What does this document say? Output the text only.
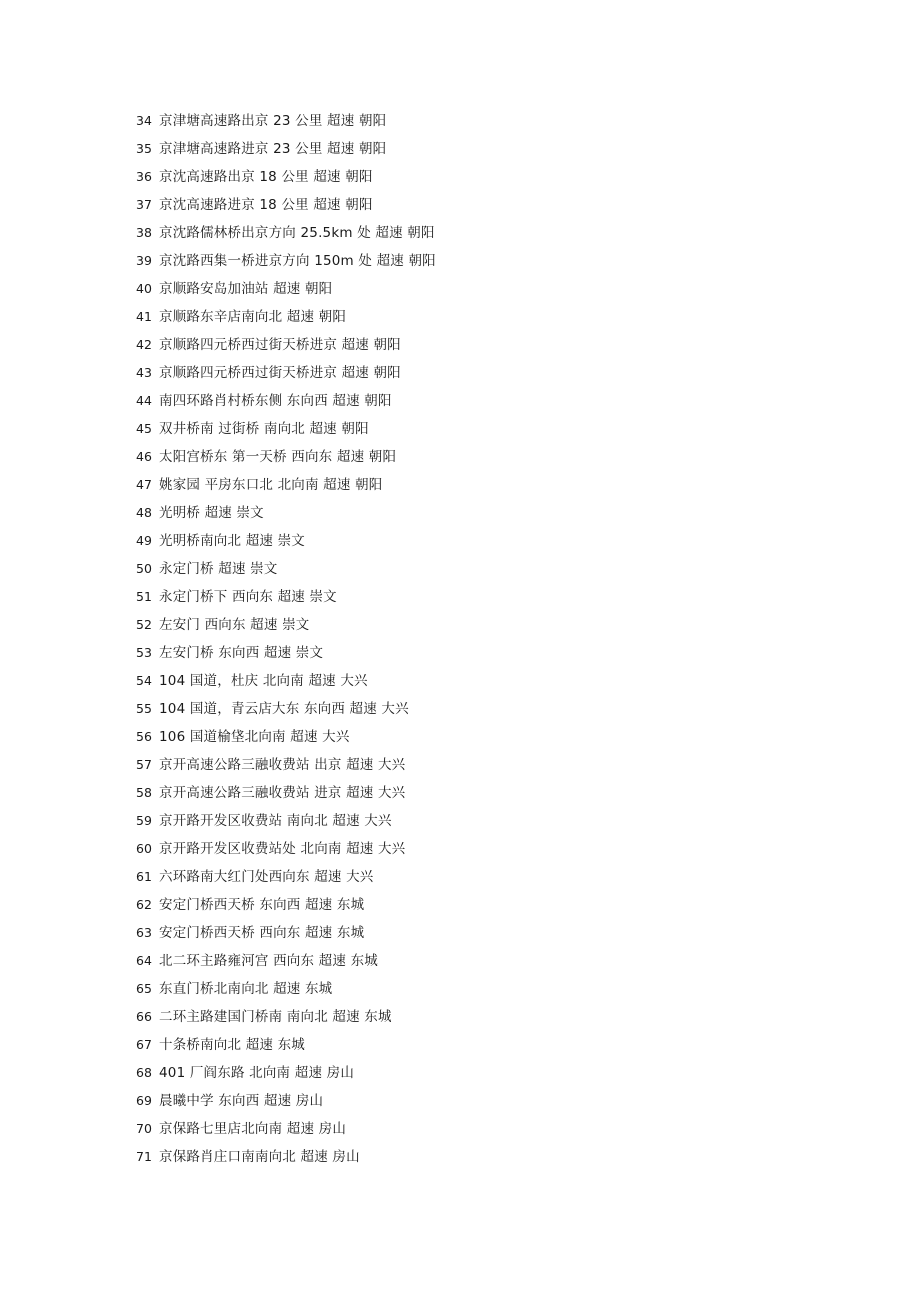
34 京津塘高速路出京 23 公里 超速 朝阳
35 京津塘高速路进京 23 公里 超速 朝阳
36 京沈高速路出京 18 公里 超速 朝阳
37 京沈高速路进京 18 公里 超速 朝阳
38 京沈路儒林桥出京方向 25.5km 处 超速 朝阳
39 京沈路西集一桥进京方向 150m 处 超速 朝阳
40 京顺路安岛加油站 超速 朝阳
41 京顺路东辛店南向北 超速 朝阳
42 京顺路四元桥西过街天桥进京 超速 朝阳
43 京顺路四元桥西过街天桥进京 超速 朝阳
44 南四环路肖村桥东侧 东向西 超速 朝阳
45 双井桥南 过街桥 南向北 超速 朝阳
46 太阳宫桥东 第一天桥 西向东 超速 朝阳
47 姚家园 平房东口北 北向南 超速 朝阳
48 光明桥 超速 崇文
49 光明桥南向北 超速 崇文
50 永定门桥 超速 崇文
51 永定门桥下 西向东 超速 崇文
52 左安门 西向东 超速 崇文
53 左安门桥 东向西 超速 崇文
54 104 国道，杜庆 北向南 超速 大兴
55 104 国道，青云店大东 东向西 超速 大兴
56 106 国道榆垡北向南 超速 大兴
57 京开高速公路三融收费站 出京 超速 大兴
58 京开高速公路三融收费站 进京 超速 大兴
59 京开路开发区收费站 南向北 超速 大兴
60 京开路开发区收费站处 北向南 超速 大兴
61 六环路南大红门处西向东 超速 大兴
62 安定门桥西天桥 东向西 超速 东城
63 安定门桥西天桥 西向东 超速 东城
64 北二环主路雍河宫 西向东 超速 东城
65 东直门桥北南向北 超速 东城
66 二环主路建国门桥南 南向北 超速 东城
67 十条桥南向北 超速 东城
68 401 厂阎东路 北向南 超速 房山
69 晨曦中学 东向西 超速 房山
70 京保路七里店北向南 超速 房山
71 京保路肖庄口南南向北 超速 房山
